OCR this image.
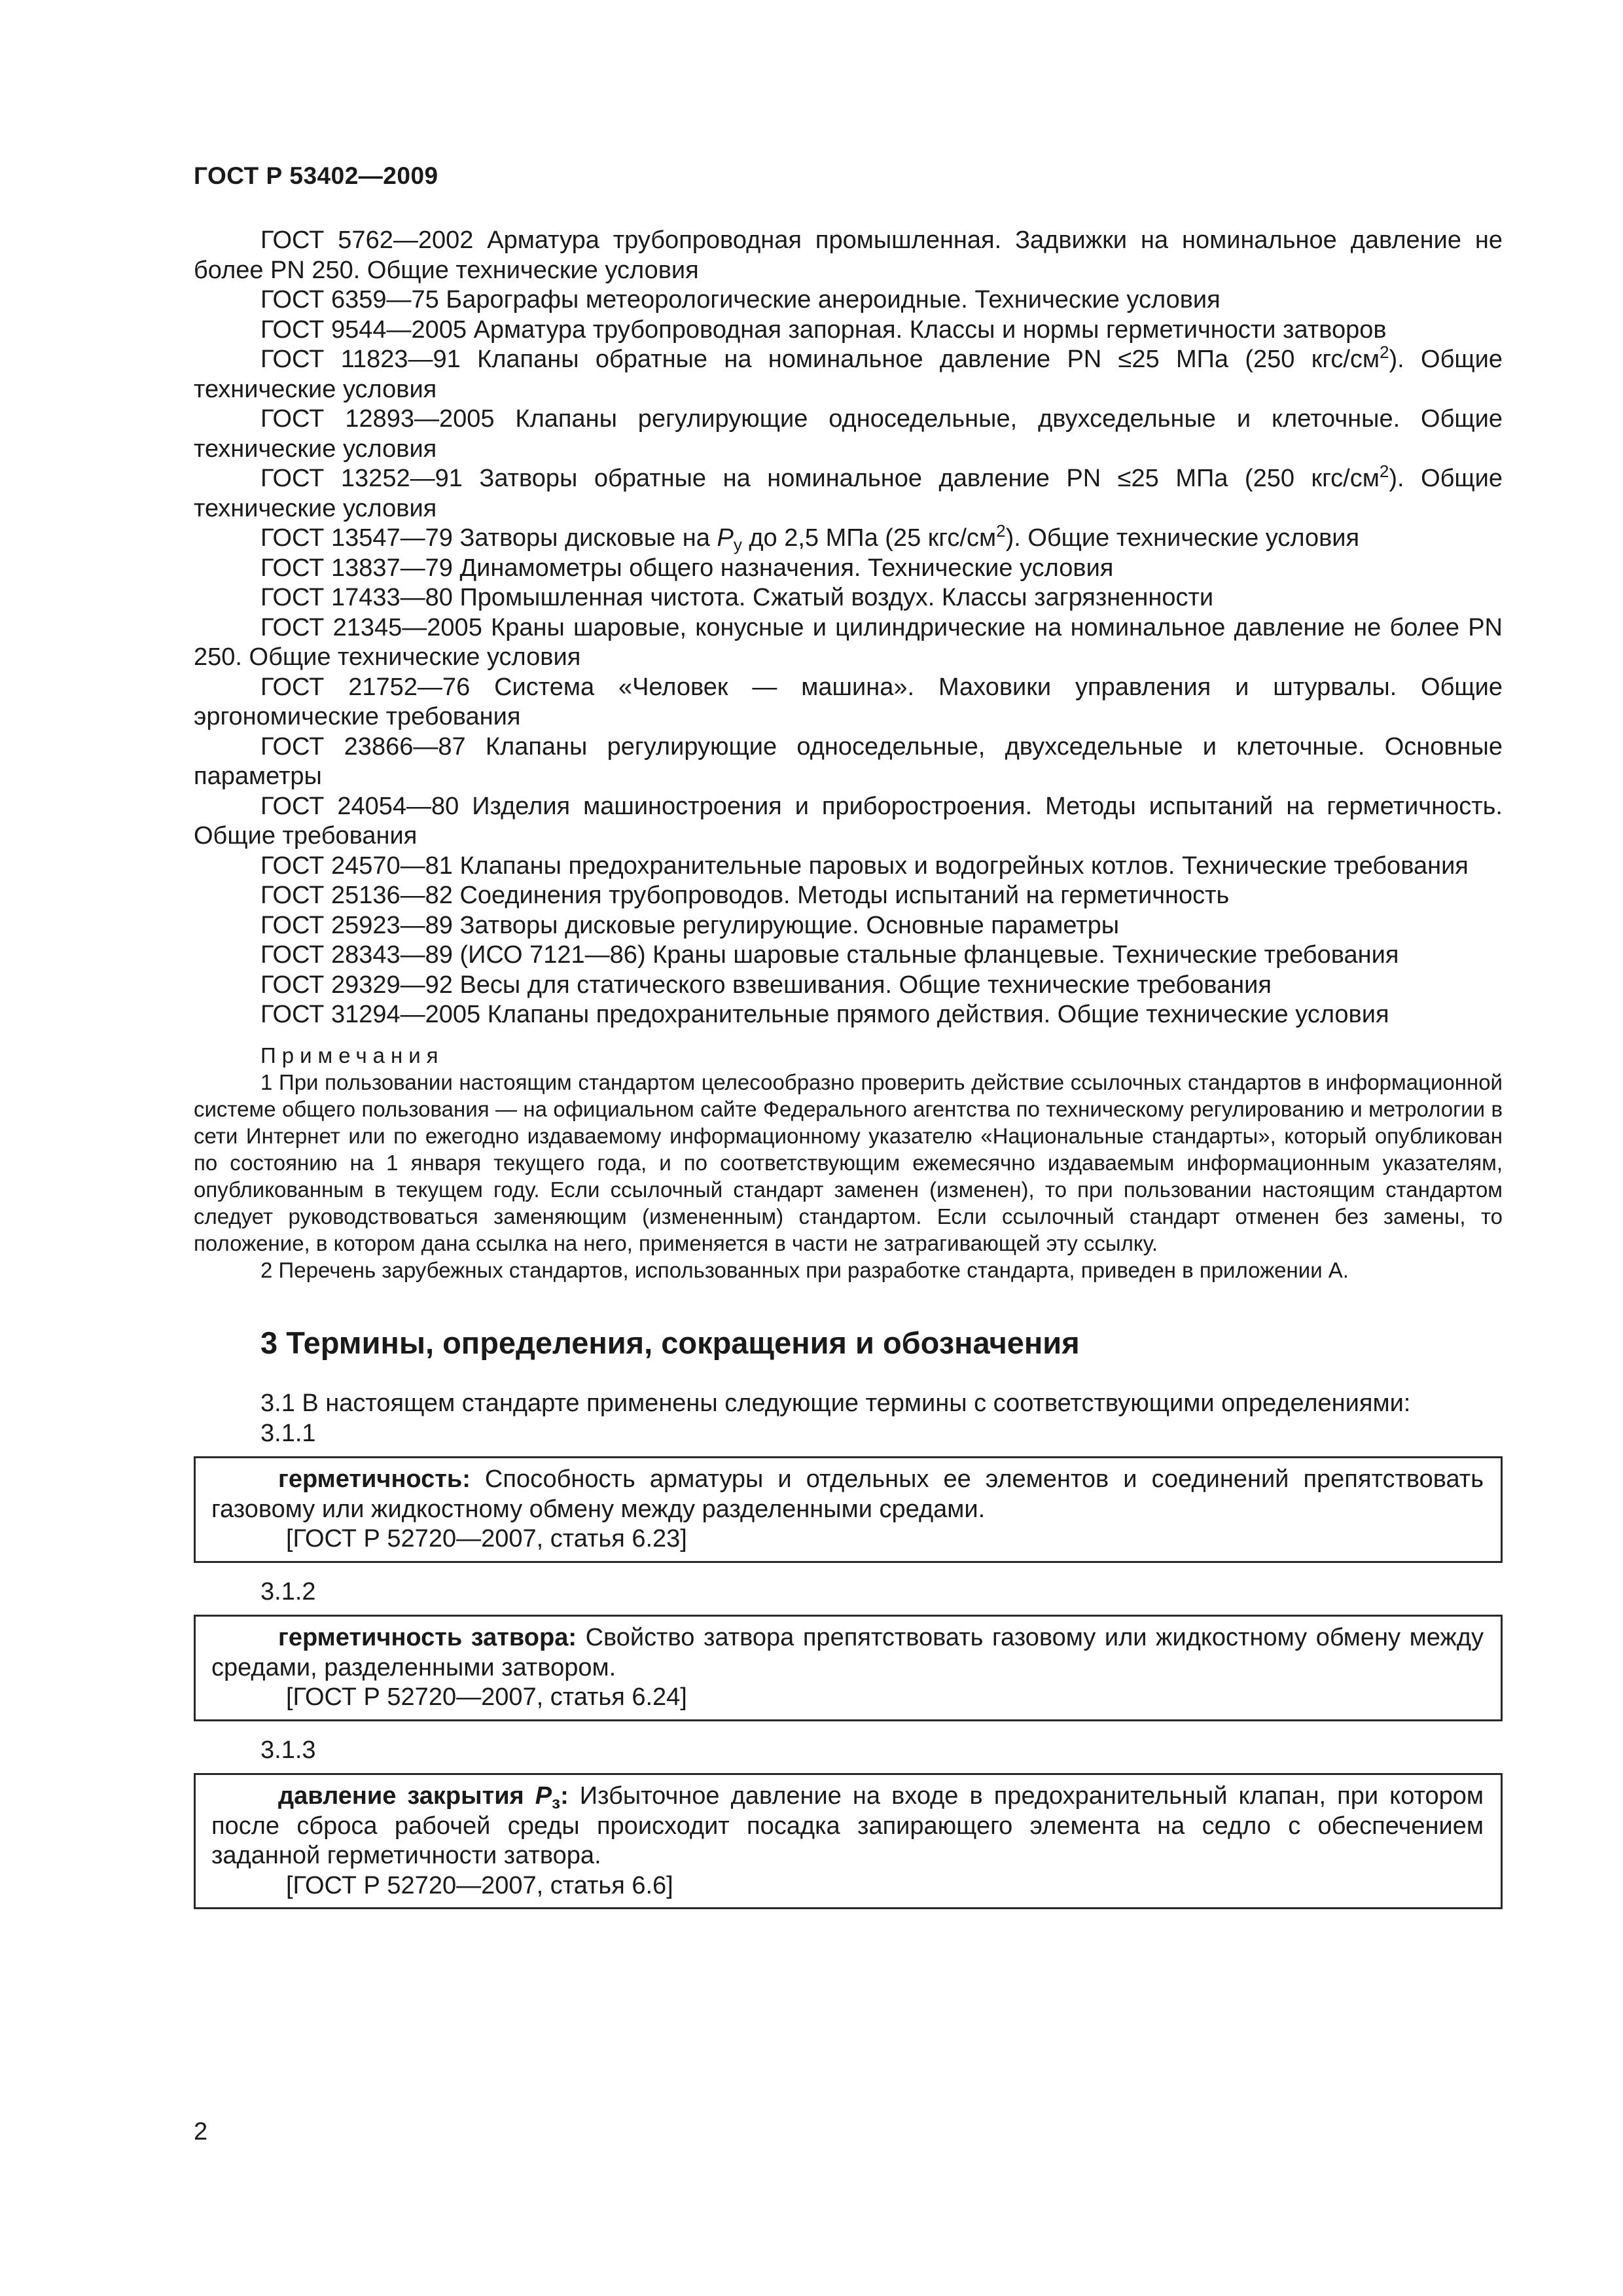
ГОСТ Р 53402—2009

ГОСТ 5762—2002 Арматура трубопроводная промышленная. Задвижки на номинальное давление не более PN 250. Общие технические условия

ГОСТ 6359—75 Барографы метеорологические анероидные. Технические условия

ГОСТ 9544—2005 Арматура трубопроводная запорная. Классы и нормы герметичности затворов

ГОСТ 11823—91 Клапаны обратные на номинальное давление PN ≤25 МПа (250 кгс/$см^2$). Общие технические условия

ГОСТ 12893—2005 Клапаны регулирующие односедельные, двухседельные и клеточные. Общие технические условия

ГОСТ 13252—91 Затворы обратные на номинальное давление PN ≤25 МПа (250 кгс/$см^2$). Общие технические условия

ГОСТ 13547—79 Затворы дисковые на $P_у$ до 2,5 МПа (25 кгс/$см^2$). Общие технические условия

ГОСТ 13837—79 Динамометры общего назначения. Технические условия

ГОСТ 17433—80 Промышленная чистота. Сжатый воздух. Классы загрязненности

ГОСТ 21345—2005 Краны шаровые, конусные и цилиндрические на номинальное давление не более PN 250. Общие технические условия

ГОСТ 21752—76 Система «Человек — машина». Маховики управления и штурвалы. Общие эргономические требования

ГОСТ 23866—87 Клапаны регулирующие односедельные, двухседельные и клеточные. Основные параметры

ГОСТ 24054—80 Изделия машиностроения и приборостроения. Методы испытаний на герметичность. Общие требования

ГОСТ 24570—81 Клапаны предохранительные паровых и водогрейных котлов. Технические требования

ГОСТ 25136—82 Соединения трубопроводов. Методы испытаний на герметичность

ГОСТ 25923—89 Затворы дисковые регулирующие. Основные параметры

ГОСТ 28343—89 (ИСО 7121—86) Краны шаровые стальные фланцевые. Технические требования

ГОСТ 29329—92 Весы для статического взвешивания. Общие технические требования

ГОСТ 31294—2005 Клапаны предохранительные прямого действия. Общие технические условия

Примечания

1 При пользовании настоящим стандартом целесообразно проверить действие ссылочных стандартов в информационной системе общего пользования — на официальном сайте Федерального агентства по техническому регулированию и метрологии в сети Интернет или по ежегодно издаваемому информационному указателю «Национальные стандарты», который опубликован по состоянию на 1 января текущего года, и по соответствующим ежемесячно издаваемым информационным указателям, опубликованным в текущем году. Если ссылочный стандарт заменен (изменен), то при пользовании настоящим стандартом следует руководствоваться заменяющим (измененным) стандартом. Если ссылочный стандарт отменен без замены, то положение, в котором дана ссылка на него, применяется в части не затрагивающей эту ссылку.

2 Перечень зарубежных стандартов, использованных при разработке стандарта, приведен в приложении А.

3 Термины, определения, сокращения и обозначения

3.1 В настоящем стандарте применены следующие термины с соответствующими определениями:

3.1.1

герметичность: Способность арматуры и отдельных ее элементов и соединений препятствовать газовому или жидкостному обмену между разделенными средами.

[ГОСТ Р 52720—2007, статья 6.23]

3.1.2

герметичность затвора: Свойство затвора препятствовать газовому или жидкостному обмену между средами, разделенными затвором.

[ГОСТ Р 52720—2007, статья 6.24]

3.1.3

давление закрытия $P_з$: Избыточное давление на входе в предохранительный клапан, при котором после сброса рабочей среды происходит посадка запирающего элемента на седло с обеспечением заданной герметичности затвора.

[ГОСТ Р 52720—2007, статья 6.6]

2
